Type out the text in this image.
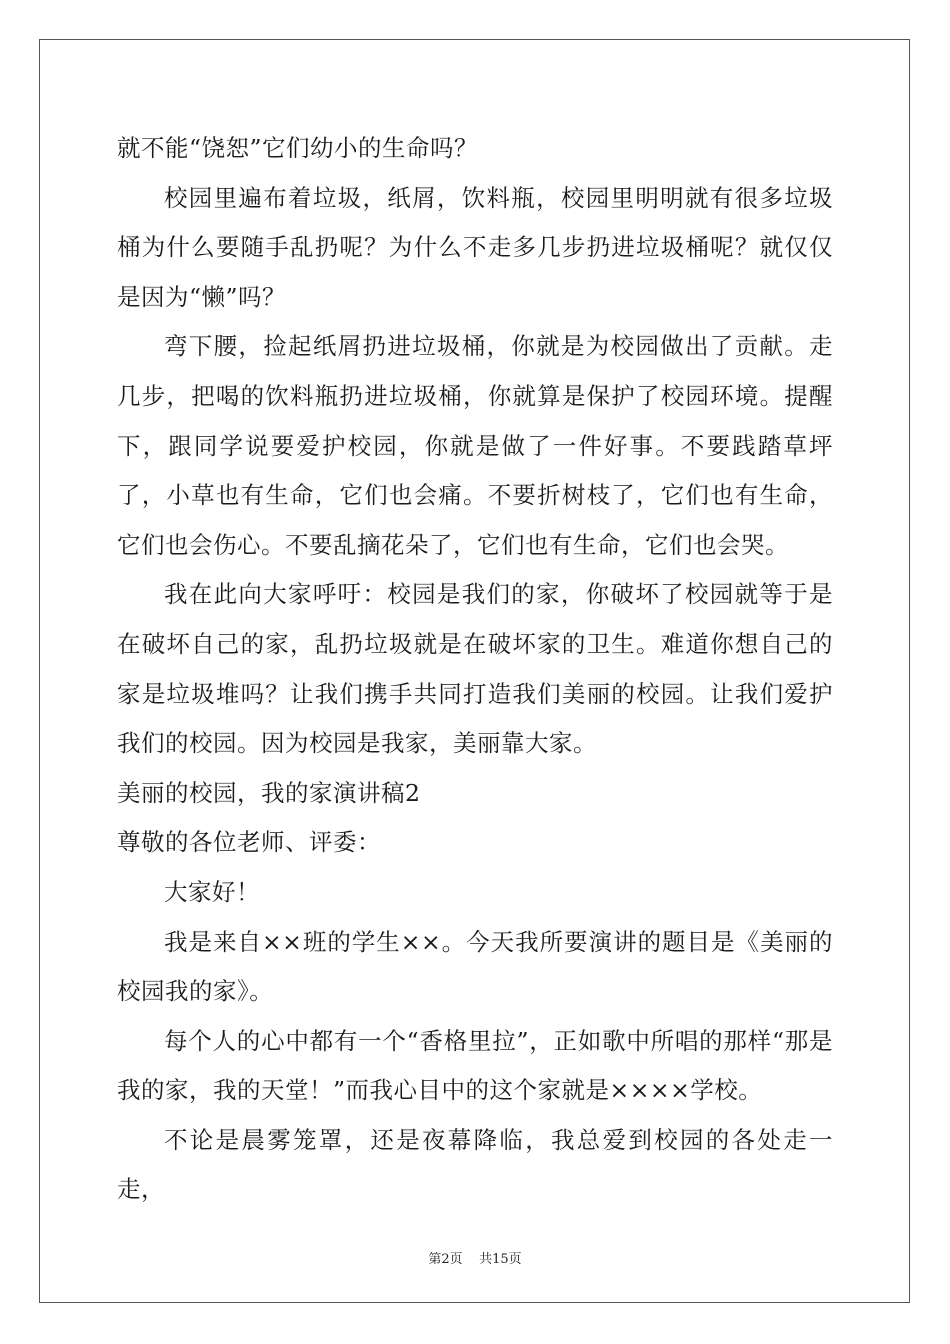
就不能“饶恕”它们幼小的生命吗？

校园里遍布着垃圾，纸屑，饮料瓶，校园里明明就有很多垃圾桶为什么要随手乱扔呢？为什么不走多几步扔进垃圾桶呢？就仅仅是因为“懒”吗？

弯下腰，捡起纸屑扔进垃圾桶，你就是为校园做出了贡献。走几步，把喝的饮料瓶扔进垃圾桶，你就算是保护了校园环境。提醒下，跟同学说要爱护校园，你就是做了一件好事。不要践踏草坪了，小草也有生命，它们也会痛。不要折树枝了，它们也有生命，它们也会伤心。不要乱摘花朵了，它们也有生命，它们也会哭。

我在此向大家呼吁：校园是我们的家，你破坏了校园就等于是在破坏自己的家，乱扔垃圾就是在破坏家的卫生。难道你想自己的家是垃圾堆吗？让我们携手共同打造我们美丽的校园。让我们爱护我们的校园。因为校园是我家，美丽靠大家。

美丽的校园，我的家演讲稿2

尊敬的各位老师、评委：

大家好！

我是来自××班的学生××。今天我所要演讲的题目是《美丽的校园我的家》。

每个人的心中都有一个“香格里拉”，正如歌中所唱的那样“那是我的家，我的天堂！”而我心目中的这个家就是××××学校。

不论是晨雾笼罩，还是夜幕降临，我总爱到校园的各处走一走，

第2页 共15页
